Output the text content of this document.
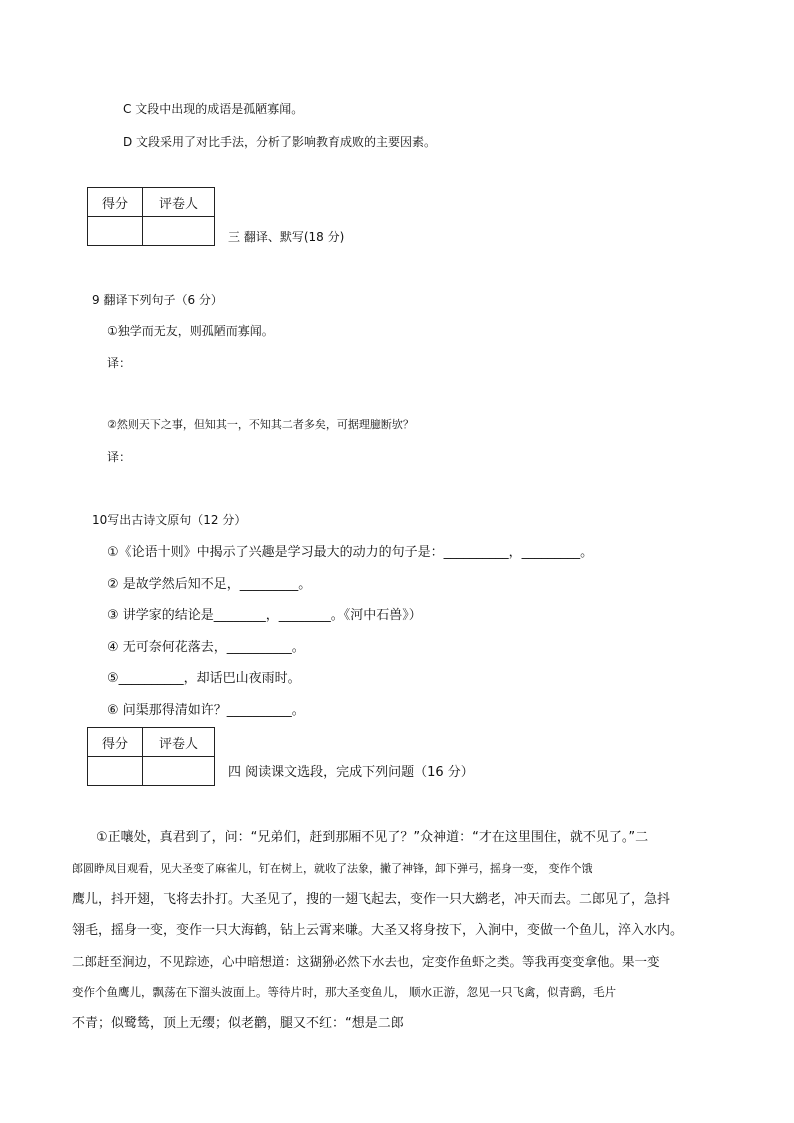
C 文段中出现的成语是孤陋寡闻。
D 文段采用了对比手法，分析了影响教育成败的主要因素。
得分	评卷人

三 翻译、默写(18 分)
9 翻译下列句子（6 分）
①独学而无友，则孤陋而寡闻。
译：
②然则天下之事，但知其一，不知其二者多矣，可据理臆断欤？
译：
10写出古诗文原句（12 分）
①《论语十则》中揭示了兴趣是学习最大的动力的句子是：__________，_________。
② 是故学然后知不足，_________。
③ 讲学家的结论是________，________。《河中石兽》）
④ 无可奈何花落去，__________。
⑤__________，却话巴山夜雨时。
⑥ 问渠那得清如许？__________。
得分	评卷人

四 阅读课文选段，完成下列问题（16 分）
①正嚷处，真君到了，问：“兄弟们，赶到那厢不见了？”众神道：“才在这里围住，就不见了。”二
郎圆睁凤目观看，见大圣变了麻雀儿，钉在树上，就收了法象，撇了神锋，卸下弹弓，摇身一变， 变作个饿
鹰儿，抖开翅，飞将去扑打。大圣见了，搜的一翅飞起去，变作一只大鹚老，冲天而去。二郎见了，急抖
翎毛，摇身一变，变作一只大海鹤，钻上云霄来嗛。大圣又将身按下，入涧中，变做一个鱼儿，淬入水内。
二郎赶至涧边，不见踪迹，心中暗想道：这猢狲必然下水去也，定变作鱼虾之类。等我再变变拿他。果一变
变作个鱼鹰儿，飘荡在下溜头波面上。等待片时，那大圣变鱼儿， 顺水正游，忽见一只飞禽，似青鹞，毛片
不青；似鹭鸶，顶上无缨；似老鹳，腿又不红：“想是二郎
